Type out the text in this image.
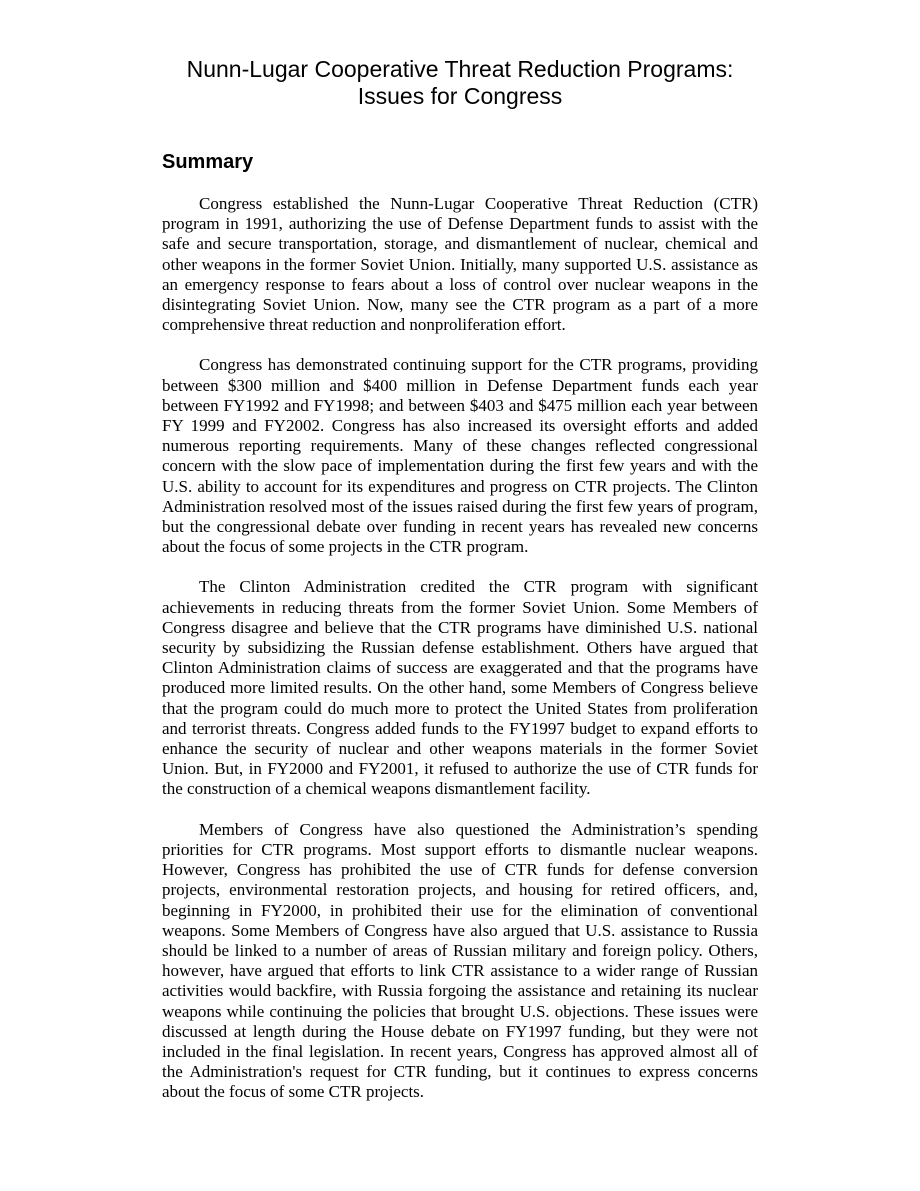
Nunn-Lugar Cooperative Threat Reduction Programs:
Issues for Congress
Summary

Congress established the Nunn-Lugar Cooperative Threat Reduction (CTR) program in 1991, authorizing the use of Defense Department funds to assist with the safe and secure transportation, storage, and dismantlement of nuclear, chemical and other weapons in the former Soviet Union. Initially, many supported U.S. assistance as an emergency response to fears about a loss of control over nuclear weapons in the disintegrating Soviet Union. Now, many see the CTR program as a part of a more comprehensive threat reduction and nonproliferation effort.

Congress has demonstrated continuing support for the CTR programs, providing between $300 million and $400 million in Defense Department funds each year between FY1992 and FY1998; and between $403 and $475 million each year between FY 1999 and FY2002. Congress has also increased its oversight efforts and added numerous reporting requirements. Many of these changes reflected congressional concern with the slow pace of implementation during the first few years and with the U.S. ability to account for its expenditures and progress on CTR projects. The Clinton Administration resolved most of the issues raised during the first few years of program, but the congressional debate over funding in recent years has revealed new concerns about the focus of some projects in the CTR program.

The Clinton Administration credited the CTR program with significant achievements in reducing threats from the former Soviet Union. Some Members of Congress disagree and believe that the CTR programs have diminished U.S. national security by subsidizing the Russian defense establishment. Others have argued that Clinton Administration claims of success are exaggerated and that the programs have produced more limited results. On the other hand, some Members of Congress believe that the program could do much more to protect the United States from proliferation and terrorist threats. Congress added funds to the FY1997 budget to expand efforts to enhance the security of nuclear and other weapons materials in the former Soviet Union. But, in FY2000 and FY2001, it refused to authorize the use of CTR funds for the construction of a chemical weapons dismantlement facility.

Members of Congress have also questioned the Administration’s spending priorities for CTR programs. Most support efforts to dismantle nuclear weapons. However, Congress has prohibited the use of CTR funds for defense conversion projects, environmental restoration projects, and housing for retired officers, and, beginning in FY2000, in prohibited their use for the elimination of conventional weapons. Some Members of Congress have also argued that U.S. assistance to Russia should be linked to a number of areas of Russian military and foreign policy. Others, however, have argued that efforts to link CTR assistance to a wider range of Russian activities would backfire, with Russia forgoing the assistance and retaining its nuclear weapons while continuing the policies that brought U.S. objections. These issues were discussed at length during the House debate on FY1997 funding, but they were not included in the final legislation. In recent years, Congress has approved almost all of the Administration's request for CTR funding, but it continues to express concerns about the focus of some CTR projects.
